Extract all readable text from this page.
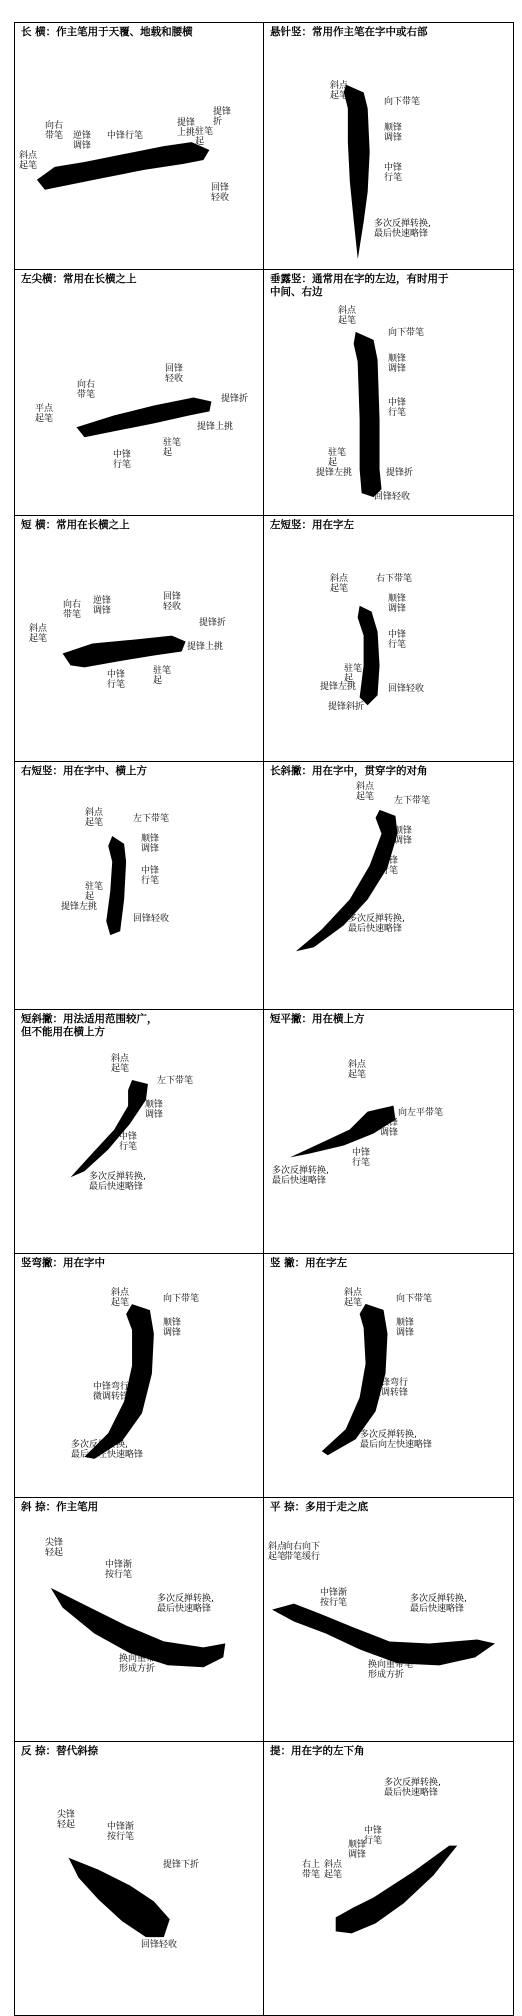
长 横：作主笔用于天覆、地载和腰横
斜点
起笔
向右
带笔 逆锋
调锋
中锋行笔
提锋
上挑
提锋
折
驻笔
起
回锋
轻收
悬针竖：常用作主笔在字中或右部
斜点
起笔
向下带笔
顺锋
调锋
中锋
行笔
多次反掸转换,
最后快速略锋
左尖横：常用在长横之上
平点
起笔
向右
带笔
中锋
行笔
驻笔
起
回锋
轻收
提锋折
提锋上挑
垂露竖：通常用在字的左边，有时用于
中间、右边
斜点
起笔
向下带笔
顺锋
调锋
中锋
行笔
提锋左挑
驻笔
起
提锋折
回锋轻收
短 横：常用在长横之上
斜点
起笔
向右
带笔
逆锋
调锋
回锋
轻收
提锋折
提锋上挑
中锋
行笔
驻笔
起
左短竖：用在字左
斜点
起笔
右下带笔
顺锋
调锋
中锋
行笔
驻笔
起
提锋左挑
提锋斜折
回锋轻收
右短竖：用在字中、横上方
斜点
起笔	左下带笔
顺锋
调锋
中锋
行笔
驻笔
起
提锋左挑
回锋轻收
长斜撇：用在字中，贯穿字的对角
斜点
起笔 左下带笔
顺锋
调锋
中锋
行笔
多次反掸转换,
最后快速略锋
短斜撇：用法适用范围较广，
但不能用在横上方
斜点
起笔
左下带笔
顺锋
调锋
中锋
行笔
多次反掸转换,
最后快速略锋
短平撇：用在横上方
斜点
起笔
向左平带笔
顺锋
调锋
中锋
行笔
多次反掸转换,
最后快速略锋
竖弯撇：用在字中
斜点
起笔	向下带笔
顺锋
调锋
中锋弯行
微调转锋
多次反掸转换,
最后向左快速略锋
竖 撇：用在字左
斜点
起笔	向下带笔
顺锋
调锋
中锋弯行
微调转锋
多次反掸转换,
最后向左快速略锋
斜 捺：作主笔用
尖锋
轻起
中锋渐
按行笔
多次反掸转换,
最后快速略锋
换向重带笔
形成方折
平 捺：多用于走之底
斜点
起笔
向右
带笔
向下
缓行
中锋渐
按行笔	多次反掸转换,
最后快速略锋
换向重带笔
形成方折
反 捺：替代斜捺
尖锋
轻起	中锋渐
按行笔
提锋下折
回锋轻收
提：用在字的左下角
多次反掸转换,
最后快速略锋
中锋
行笔
顺锋
调锋
右上
带笔
斜点
起笔
